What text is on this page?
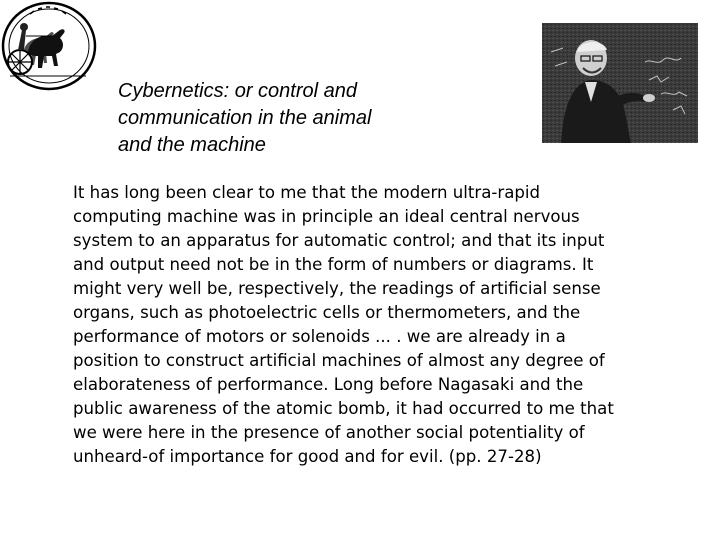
Cybernetics: or control and
communication in the animal
and the machine
It has long been clear to me that the modern ultra-rapid
computing machine was in principle an ideal central nervous
system to an apparatus for automatic control; and that its input
and output need not be in the form of numbers or diagrams. It
might very well be, respectively, the readings of artificial sense
organs, such as photoelectric cells or thermometers, and the
performance of motors or solenoids ... . we are already in a
position to construct artificial machines of almost any degree of
elaborateness of performance. Long before Nagasaki and the
public awareness of the atomic bomb, it had occurred to me that
we were here in the presence of another social potentiality of
unheard-of importance for good and for evil. (pp. 27-28)
